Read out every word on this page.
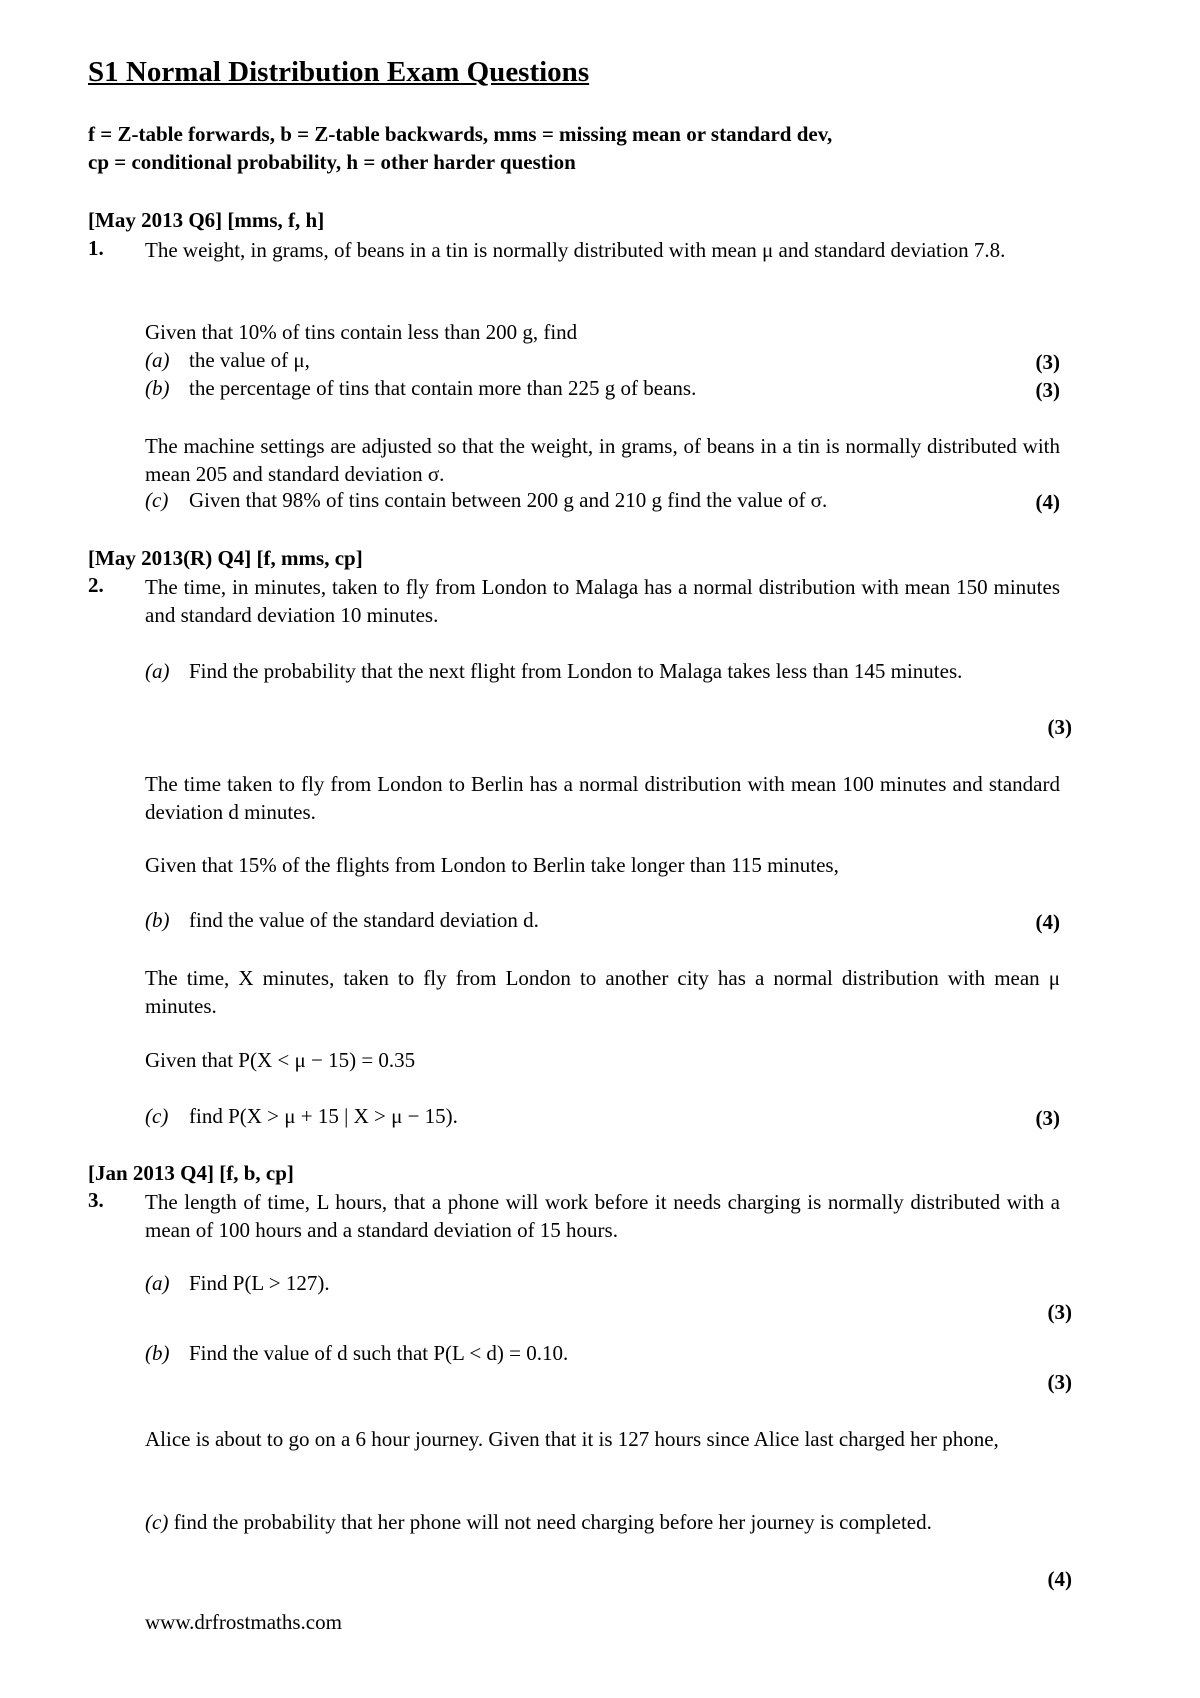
S1 Normal Distribution Exam Questions
f = Z-table forwards, b = Z-table backwards, mms = missing mean or standard dev,
cp = conditional probability, h = other harder question
[May 2013 Q6] [mms, f, h]
1. The weight, in grams, of beans in a tin is normally distributed with mean μ and standard deviation 7.8.
Given that 10% of tins contain less than 200 g, find
(a) the value of μ,	(3)
(b) the percentage of tins that contain more than 225 g of beans.	(3)
The machine settings are adjusted so that the weight, in grams, of beans in a tin is normally distributed with mean 205 and standard deviation σ.
(c) Given that 98% of tins contain between 200 g and 210 g find the value of σ.	(4)
[May 2013(R) Q4] [f, mms, cp]
2. The time, in minutes, taken to fly from London to Malaga has a normal distribution with mean 150 minutes and standard deviation 10 minutes.
(a) Find the probability that the next flight from London to Malaga takes less than 145 minutes.
(3)
The time taken to fly from London to Berlin has a normal distribution with mean 100 minutes and standard deviation d minutes.
Given that 15% of the flights from London to Berlin take longer than 115 minutes,
(b) find the value of the standard deviation d.	(4)
The time, X minutes, taken to fly from London to another city has a normal distribution with mean μ minutes.
Given that P(X < μ − 15) = 0.35
(c) find P(X > μ + 15 | X > μ − 15).	(3)
[Jan 2013 Q4] [f, b, cp]
3. The length of time, L hours, that a phone will work before it needs charging is normally distributed with a mean of 100 hours and a standard deviation of 15 hours.
(a) Find P(L > 127).
(3)
(b) Find the value of d such that P(L < d) = 0.10.
(3)
Alice is about to go on a 6 hour journey. Given that it is 127 hours since Alice last charged her phone,
(c) find the probability that her phone will not need charging before her journey is completed.
(4)
www.drfrostmaths.com
